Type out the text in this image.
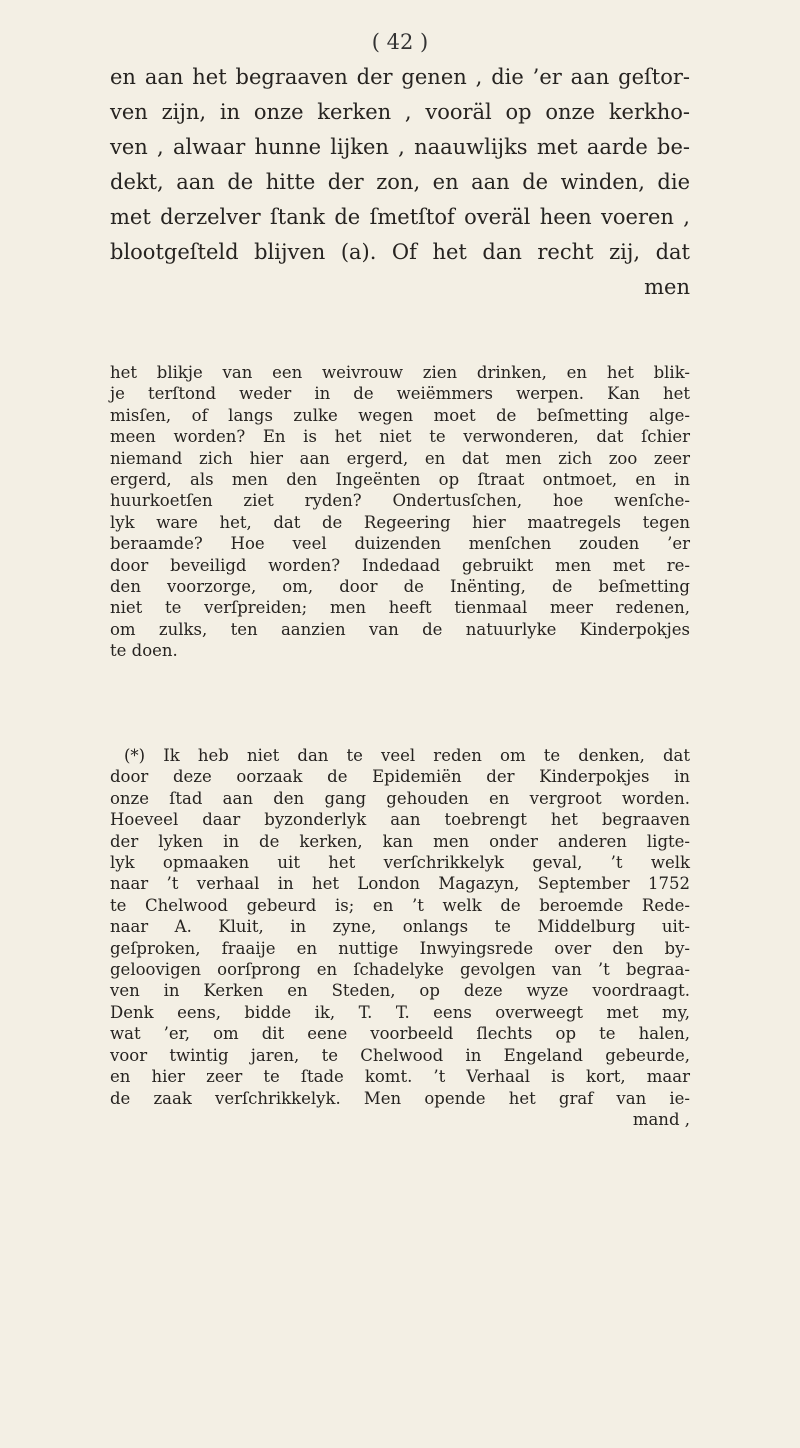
( 42 )
en aan het begraaven der genen , die ’er aan geſtor-
ven zijn, in onze kerken , vooräl op onze kerkho-
ven , alwaar hunne lijken , naauwlijks met aarde be-
dekt, aan de hitte der zon, en aan de winden, die
met derzelver ſtank de ſmetſtof overäl heen voeren ,
blootgeſteld blijven (a). Of het dan recht zij, dat
men
het blikje van een weivrouw zien drinken, en het blik-
je terſtond weder in de weiëmmers werpen. Kan het
misſen, of langs zulke wegen moet de beſmetting alge-
meen worden? En is het niet te verwonderen, dat ſchier
niemand zich hier aan ergerd, en dat men zich zoo zeer
ergerd, als men den Ingeënten op ſtraat ontmoet, en in
huurkoetſen ziet ryden? Ondertusſchen, hoe wenſche-
lyk ware het, dat de Regeering hier maatregels tegen
beraamde? Hoe veel duizenden menſchen zouden ’er
door beveiligd worden? Indedaad gebruikt men met re-
den voorzorge, om, door de Inënting, de beſmetting
niet te verſpreiden; men heeft tienmaal meer redenen,
om zulks, ten aanzien van de natuurlyke Kinderpokjes
te doen.
(*) Ik heb niet dan te veel reden om te denken, dat
door deze oorzaak de Epidemiën der Kinderpokjes in
onze ſtad aan den gang gehouden en vergroot worden.
Hoeveel daar byzonderlyk aan toebrengt het begraaven
der lyken in de kerken, kan men onder anderen ligte-
lyk opmaaken uit het verſchrikkelyk geval, ’t welk
naar ’t verhaal in het London Magazyn, September 1752
te Chelwood gebeurd is; en ’t welk de beroemde Rede-
naar A. Kluit, in zyne, onlangs te Middelburg uit-
geſproken, fraaije en nuttige Inwyingsrede over den by-
geloovigen oorſprong en ſchadelyke gevolgen van ’t begraa-
ven in Kerken en Steden, op deze wyze voordraagt.
Denk eens, bidde ik, T. T. eens overweegt met my,
wat ’er, om dit eene voorbeeld ſlechts op te halen,
voor twintig jaren, te Chelwood in Engeland gebeurde,
en hier zeer te ſtade komt. ’t Verhaal is kort, maar
de zaak verſchrikkelyk. Men opende het graf van ie-
mand ,
